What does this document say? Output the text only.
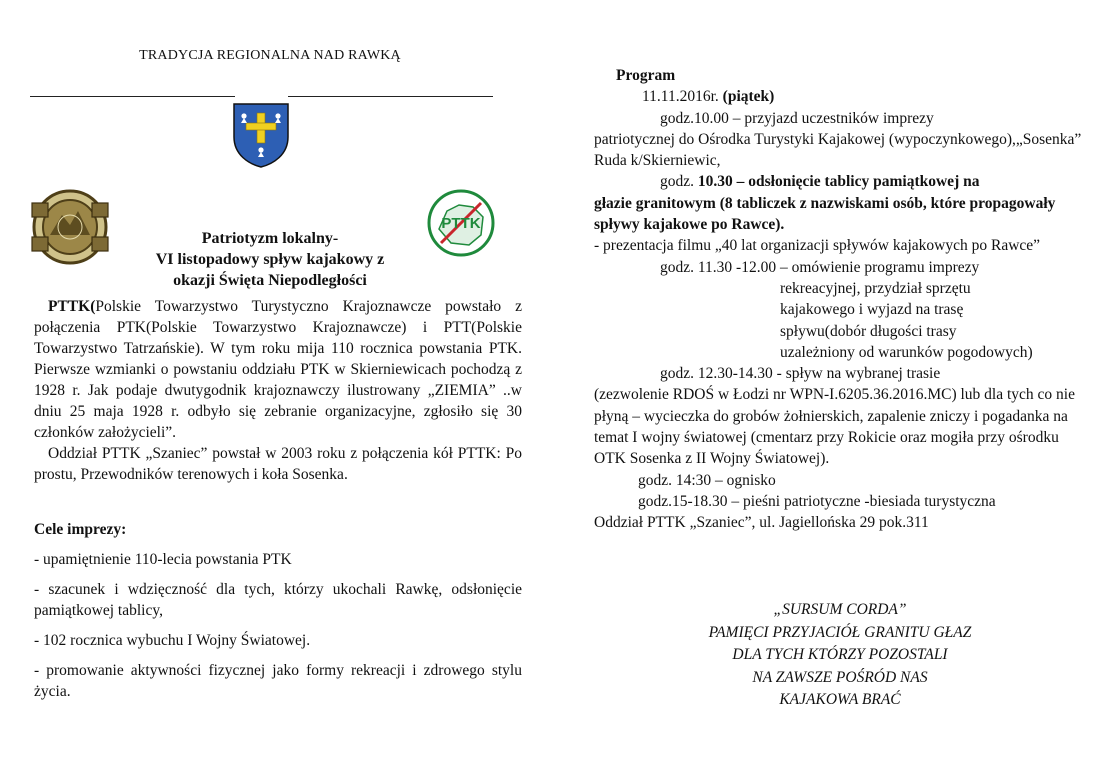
TRADYCJA REGIONALNA NAD RAWKĄ
PTTK
Patriotyzm lokalny-
VI listopadowy spływ kajakowy z
okazji Święta Niepodległości

PTTK(Polskie Towarzystwo Turystyczno Krajoznawcze powstało z połączenia PTK(Polskie Towarzystwo Krajoznawcze) i PTT(Polskie Towarzystwo Tatrzańskie). W tym roku mija 110 rocznica powstania PTK. Pierwsze wzmianki o powstaniu oddziału PTK w Skierniewicach pochodzą z 1928 r. Jak podaje dwutygodnik krajoznawczy ilustrowany „ZIEMIA” ..w dniu 25 maja 1928 r. odbyło się zebranie organizacyjne, zgłosiło się 30 członków założycieli”.

Oddział PTTK „Szaniec” powstał w 2003 roku z połączenia kół PTTK: Po prostu, Przewodników terenowych i koła Sosenka.

Cele imprezy:

- upamiętnienie 110-lecia powstania PTK

- szacunek i wdzięczność dla tych, którzy ukochali Rawkę, odsłonięcie pamiątkowej tablicy,

- 102 rocznica wybuchu I Wojny Światowej.

- promowanie aktywności fizycznej jako formy rekreacji i zdrowego stylu życia.

Program

11.11.2016r. (piątek)

godz.10.00 – przyjazd uczestników imprezy

patriotycznej do Ośrodka Turystyki Kajakowej (wypoczynkowego),„Sosenka” Ruda k/Skierniewic,

godz. 10.30 – odsłonięcie tablicy pamiątkowej na

głazie granitowym (8 tabliczek z nazwiskami osób, które propagowały spływy kajakowe po Rawce).

- prezentacja filmu „40 lat organizacji spływów kajakowych po Rawce”

godz. 11.30 -12.00 – omówienie programu imprezy

rekreacyjnej, przydział sprzętu

kajakowego i wyjazd na trasę

spływu(dobór długości trasy

uzależniony od warunków pogodowych)

godz. 12.30-14.30 - spływ na wybranej trasie

(zezwolenie RDOŚ w Łodzi nr WPN-I.6205.36.2016.MC) lub dla tych co nie płyną – wycieczka do grobów żołnierskich, zapalenie zniczy i pogadanka na temat I wojny światowej (cmentarz przy Rokicie oraz mogiła przy ośrodku OTK Sosenka z II Wojny Światowej).

godz. 14:30 – ognisko

godz.15-18.30 – pieśni patriotyczne -biesiada turystyczna

Oddział PTTK „Szaniec”, ul. Jagiellońska 29 pok.311

„SURSUM CORDA”

PAMIĘCI PRZYJACIÓŁ GRANITU GŁAZ

DLA TYCH KTÓRZY POZOSTALI

NA ZAWSZE POŚRÓD NAS

KAJAKOWA BRAĆ
